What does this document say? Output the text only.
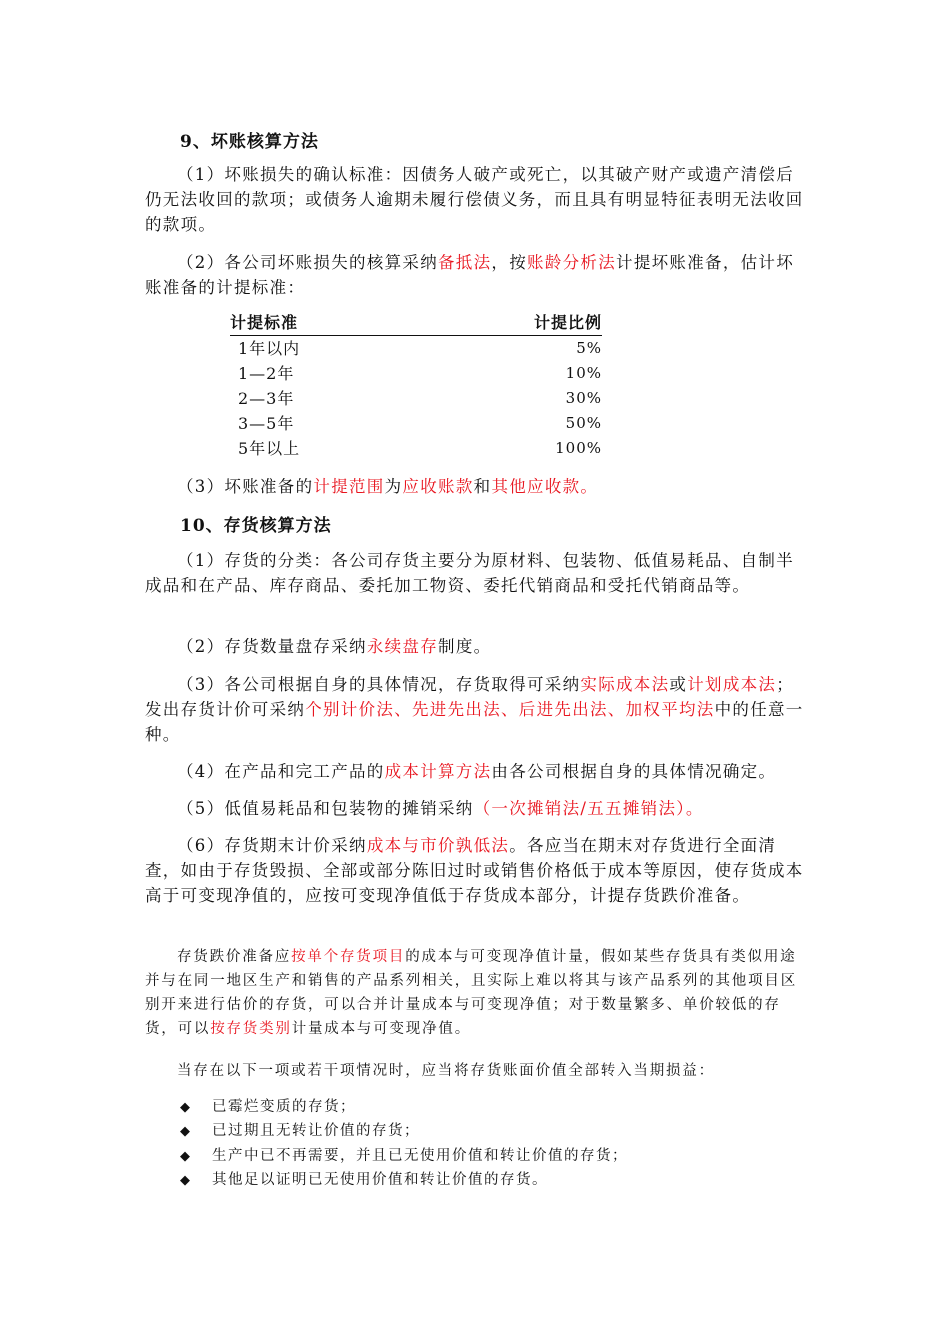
9、坏账核算方法

（1）坏账损失的确认标准：因债务人破产或死亡，以其破产财产或遗产清偿后仍无法收回的款项；或债务人逾期未履行偿债义务，而且具有明显特征表明无法收回的款项。

（2）各公司坏账损失的核算采纳备抵法，按账龄分析法计提坏账准备，估计坏账准备的计提标准：

计提标准	计提比例
1年以内	5%
1—2年	10%
2—3年	30%
3—5年	50%
5年以上	100%

（3）坏账准备的计提范围为应收账款和其他应收款。

10、存货核算方法

（1）存货的分类：各公司存货主要分为原材料、包装物、低值易耗品、自制半成品和在产品、库存商品、委托加工物资、委托代销商品和受托代销商品等。

（2）存货数量盘存采纳永续盘存制度。

（3）各公司根据自身的具体情况，存货取得可采纳实际成本法或计划成本法；发出存货计价可采纳个别计价法、先进先出法、后进先出法、加权平均法中的任意一种。

（4）在产品和完工产品的成本计算方法由各公司根据自身的具体情况确定。

（5）低值易耗品和包装物的摊销采纳（一次摊销法/五五摊销法）。

（6）存货期末计价采纳成本与市价孰低法。各应当在期末对存货进行全面清查，如由于存货毁损、全部或部分陈旧过时或销售价格低于成本等原因，使存货成本高于可变现净值的，应按可变现净值低于存货成本部分，计提存货跌价准备。

存货跌价准备应按单个存货项目的成本与可变现净值计量，假如某些存货具有类似用途并与在同一地区生产和销售的产品系列相关，且实际上难以将其与该产品系列的其他项目区别开来进行估价的存货，可以合并计量成本与可变现净值；对于数量繁多、单价较低的存货，可以按存货类别计量成本与可变现净值。

当存在以下一项或若干项情况时，应当将存货账面价值全部转入当期损益：

◆ 已霉烂变质的存货；
◆ 已过期且无转让价值的存货；
◆ 生产中已不再需要，并且已无使用价值和转让价值的存货；
◆ 其他足以证明已无使用价值和转让价值的存货。
